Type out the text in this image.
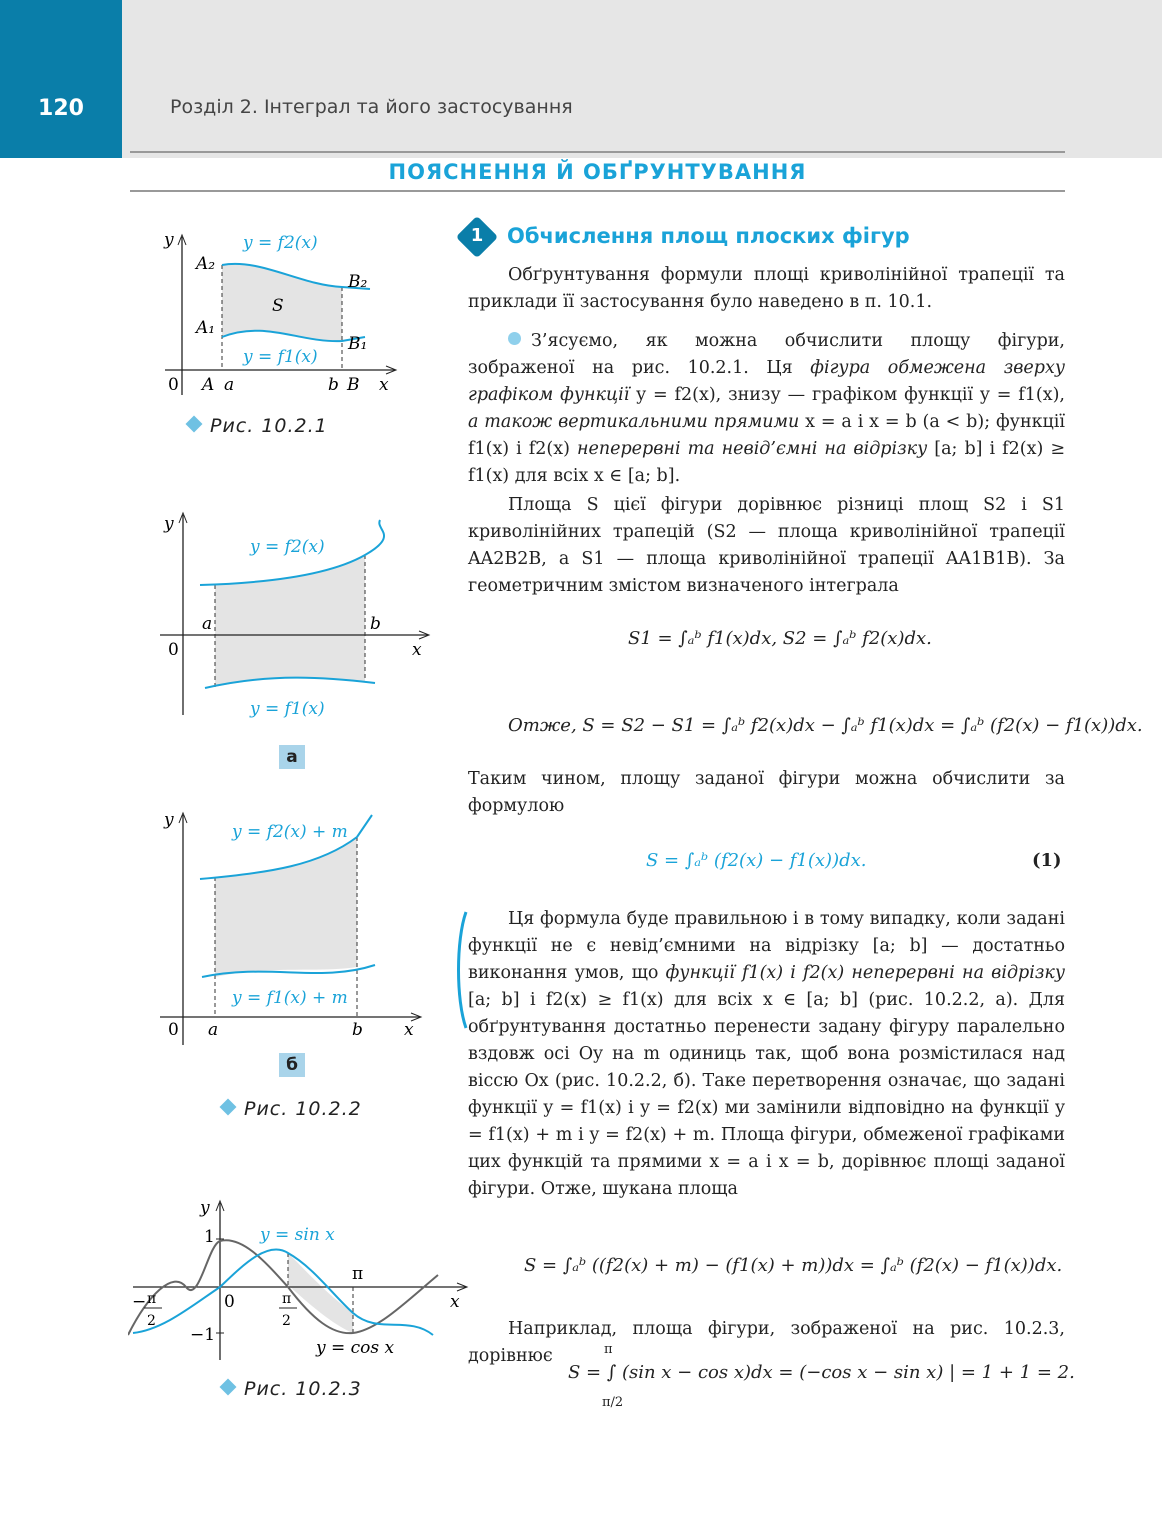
120	Розділ 2. Інтеграл та його застосування
ПОЯСНЕННЯ Й ОБҐРУНТУВАННЯ
y	y = f2(x)
y = f1(x)
A₂
B₂
S
A₁
B₁
0 A a	b B x
Рис. 10.2.1
y
y = f2(x)
y = f1(x)
a	b
0	x
а
y
y = f2(x) + m
y = f1(x) + m
0 a	b x
б
Рис. 10.2.2
y
1	y = sin x
π
0	x
− π
2
π
2
−1
y = cos x
Рис. 10.2.3
1	Обчислення площ плоских фігур

Обґрунтування формули площі криволінійної трапеції та приклади її застосування було наведено в п. 10.1.

З’ясуємо, як можна обчислити площу фігури, зображеної на рис. 10.2.1. Ця фігура обмежена зверху графіком функції y = f2(x), знизу — графіком функції y = f1(x), а також вертикальними прямими x = a і x = b (a < b); функції f1(x) і f2(x) неперервні та невід’ємні на відрізку [a; b] і f2(x) ≥ f1(x) для всіх x ∈ [a; b].

Площа S цієї фігури дорівнює різниці площ S2 і S1 криволінійних трапецій (S2 — площа криволінійної трапеції AA2B2B, а S1 — площа криволінійної трапеції AA1B1B). За геометричним змістом визначеного інтеграла

S1 = ∫ₐᵇ f1(x)dx, S2 = ∫ₐᵇ f2(x)dx.
Отже, S = S2 − S1 = ∫ₐᵇ f2(x)dx − ∫ₐᵇ f1(x)dx = ∫ₐᵇ (f2(x) − f1(x))dx.

Таким чином, площу заданої фігури можна обчислити за формулою

S = ∫ₐᵇ (f2(x) − f1(x))dx.	(1)

Ця формула буде правильною і в тому випадку, коли задані функції не є невід’ємними на відрізку [a; b] — достатньо виконання умов, що функції f1(x) і f2(x) неперервні на відрізку [a; b] і f2(x) ≥ f1(x) для всіх x ∈ [a; b] (рис. 10.2.2, а). Для обґрунтування достатньо перенести задану фігуру паралельно вздовж осі Oy на m одиниць так, щоб вона розмістилася над віссю Ox (рис. 10.2.2, б). Таке перетворення означає, що задані функції y = f1(x) і y = f2(x) ми замінили відповідно на функції y = f1(x) + m і y = f2(x) + m. Площа фігури, обмеженої графіками цих функцій та прямими x = a і x = b, дорівнює площі заданої фігури. Отже, шукана площа

S = ∫ₐᵇ ((f2(x) + m) − (f1(x) + m))dx = ∫ₐᵇ (f2(x) − f1(x))dx.

Наприклад, площа фігури, зображеної на рис. 10.2.3, дорівнює

S = ∫ (sin x − cos x)dx = (−cos x − sin x) | = 1 + 1 = 2.
π
π/2
